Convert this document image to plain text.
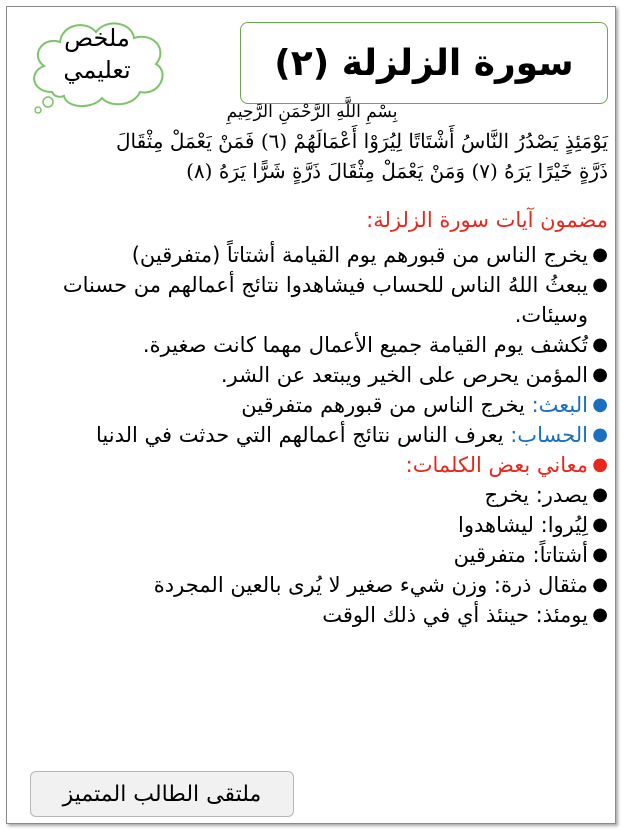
ملخص
تعليمي	سورة الزلزلة (٢)
بِسْمِ اللَّهِ الرَّحْمَنِ الرَّحِيمِ
يَوْمَئِذٍ يَصْدُرُ النَّاسُ أَشْتَاتًا لِيُرَوْا أَعْمَالَهُمْ (٦) فَمَنْ يَعْمَلْ مِثْقَالَ
ذَرَّةٍ خَيْرًا يَرَهُ (٧) وَمَنْ يَعْمَلْ مِثْقَالَ ذَرَّةٍ شَرًّا يَرَهُ (٨)
مضمون آيات سورة الزلزلة:
●
يخرج الناس من قبورهم يوم القيامة أشتاتاً (متفرقين)
●
يبعثُ اللهُ الناس للحساب فيشاهدوا نتائج أعمالهم من حسنات وسيئات.
●
تُكشف يوم القيامة جميع الأعمال مهما كانت صغيرة.
●
المؤمن يحرص على الخير ويبتعد عن الشر.
●
البعث: يخرج الناس من قبورهم متفرقين
●
الحساب: يعرف الناس نتائج أعمالهم التي حدثت في الدنيا
●
معاني بعض الكلمات:
●
يصدر: يخرج
●
لِيُروا: ليشاهدوا
●
أشتاتاً: متفرقين
●
مثقال ذرة: وزن شيء صغير لا يُرى بالعين المجردة
●
يومئذ: حينئذ أي في ذلك الوقت
ملتقى الطالب المتميز
